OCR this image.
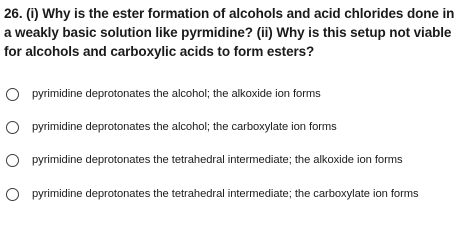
26. (i) Why is the ester formation of alcohols and acid chlorides done in a weakly basic solution like pyrmidine? (ii) Why is this setup not viable for alcohols and carboxylic acids to form esters?
pyrimidine deprotonates the alcohol; the alkoxide ion forms
pyrimidine deprotonates the alcohol; the carboxylate ion forms
pyrimidine deprotonates the tetrahedral intermediate; the alkoxide ion forms
pyrimidine deprotonates the tetrahedral intermediate; the carboxylate ion forms
